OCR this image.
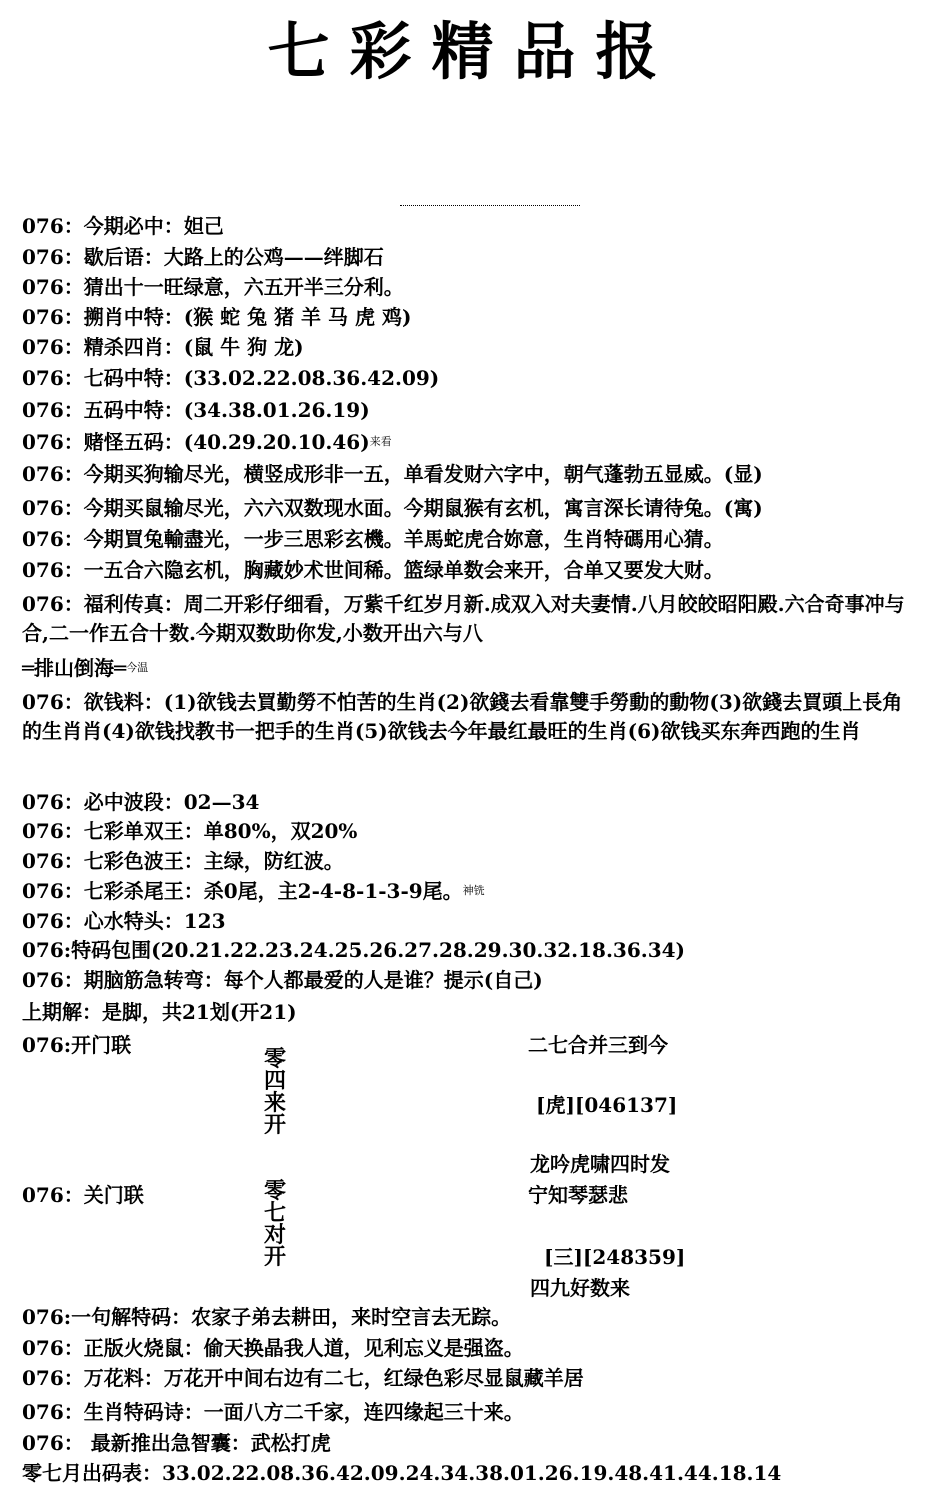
七彩精品报
076：今期必中：妲己
076：歇后语：大路上的公鸡——绊脚石
076：猜出十一旺绿意，六五开半三分利。
076：搠肖中特：(猴 蛇 兔 猪 羊 马 虎 鸡)
076：精杀四肖：(鼠 牛 狗 龙)
076：七码中特：(33.02.22.08.36.42.09)
076：五码中特：(34.38.01.26.19)
076：赌怪五码：$(40.29.20.10.46)^{来看}$
076：今期买狗输尽光，横竖成形非一五，单看发财六字中，朝气蓬勃五显威。(显)
076：今期买鼠输尽光，六六双数现水面。今期鼠猴有玄机，寓言深长请待兔。(寓)
076：今期買兔輸盡光，一步三思彩玄機。羊馬蛇虎合妳意，生肖特碼用心猜。
076：一五合六隐玄机，胸藏妙术世间稀。篮绿单数会来开，合单又要发大财。
076：福利传真：周二开彩仔细看，万紫千红岁月新.成双入对夫妻情.八月皎皎昭阳殿.六合奇事冲与合,二一作五合十数.今期双数助你发,小数开出六与八
═排山倒海═$^{今温}$
076：欲钱料：(1)欲钱去買勤勞不怕苦的生肖(2)欲錢去看靠雙手勞動的動物(3)欲錢去買頭上長角的生肖肖(4)欲钱找教书一把手的生肖(5)欲钱去今年最红最旺的生肖(6)欲钱买东奔西跑的生肖
076：必中波段：02—34
076：七彩单双王：单80%，双20%
076：七彩色波王：主绿，防红波。
076：七彩杀尾王：杀0尾，主2-4-8-1-3-9尾。$^{神铣}$
076：心水特头：123
076:特码包围(20.21.22.23.24.25.26.27.28.29.30.32.18.36.34)
076：期脑筋急转弯：每个人都最爱的人是谁？提示(自己)
上期解：是脚，共21划(开21)
076:开门联
零四来开
二七合并三到今
[虎][046137]
龙吟虎啸四时发
076：关门联	零七对开
宁知琴瑟悲
[三][248359]
四九好数来
076:一句解特码：农家子弟去耕田，来时空言去无踪。
076：正版火烧鼠：偷天换晶我人道，见利忘义是强盗。
076：万花料：万花开中间右边有二七，红绿色彩尽显鼠藏羊居
076：生肖特码诗：一面八方二千家，连四缘起三十来。
076： 最新推出急智囊：武松打虎
零七月出码表：33.02.22.08.36.42.09.24.34.38.01.26.19.48.41.44.18.14
